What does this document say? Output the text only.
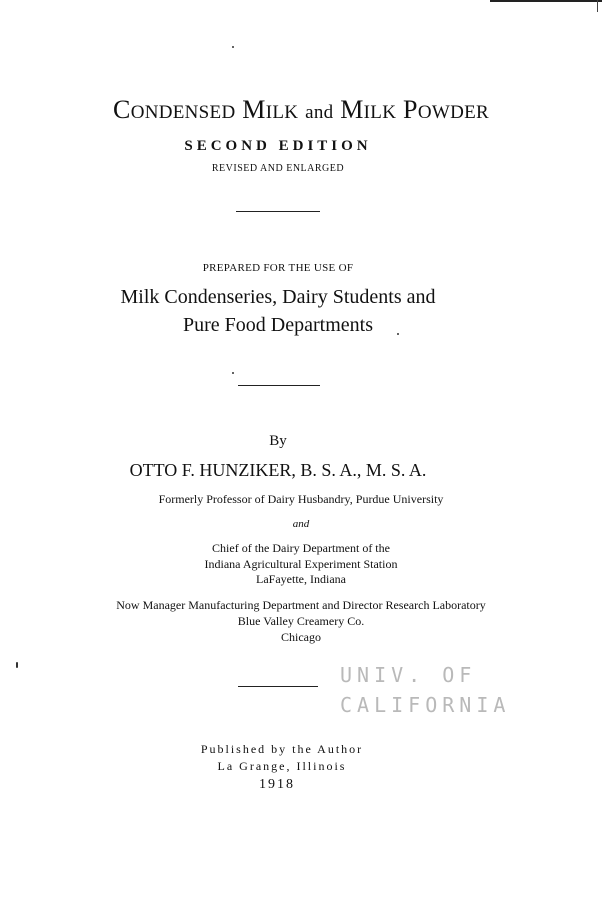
CONDENSED MILK and MILK POWDER
SECOND EDITION
REVISED AND ENLARGED
PREPARED FOR THE USE OF
Milk Condenseries, Dairy Students and
Pure Food Departments
By
OTTO F. HUNZIKER, B. S. A., M. S. A.
Formerly Professor of Dairy Husbandry, Purdue University
and
Chief of the Dairy Department of the
Indiana Agricultural Experiment Station
LaFayette, Indiana
Now Manager Manufacturing Department and Director Research Laboratory
Blue Valley Creamery Co.
Chicago
UNIV. OF
CALIFORNIA
Published by the Author
La Grange, Illinois
1918
